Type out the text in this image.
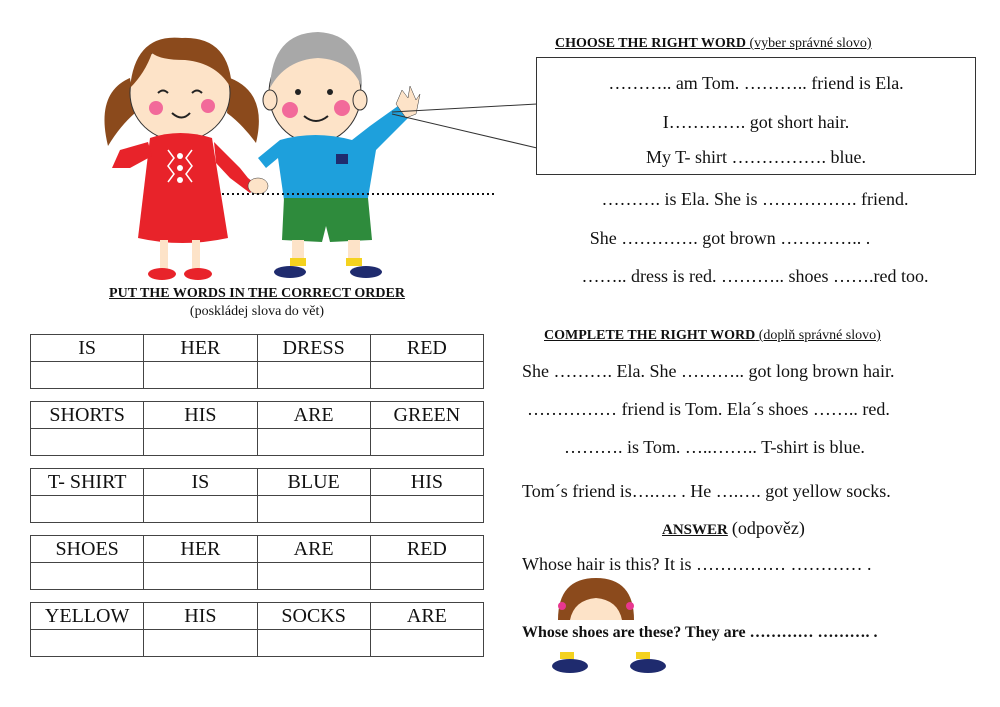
CHOOSE THE RIGHT WORD (vyber správné slovo)
……….. am Tom. ……….. friend is Ela.
I…………. got short hair.
My T- shirt ……………. blue.
………. is Ela. She is ……………. friend.
She …………. got brown ………….. .
…….. dress is red. ……….. shoes …….red too.
PUT THE WORDS IN THE CORRECT ORDER
(poskládej slova do vět)
IS	HER	DRESS	RED

SHORTS	HIS	ARE	GREEN

T- SHIRT	IS	BLUE	HIS

SHOES	HER	ARE	RED

YELLOW	HIS	SOCKS	ARE

COMPLETE THE RIGHT WORD (doplň správné slovo)
She ………. Ela. She ……….. got long brown hair.
…………… friend is Tom. Ela´s shoes …….. red.
………. is Tom. …..…….. T-shirt is blue.
Tom´s friend is….…. . He ….…. got yellow socks.
ANSWER (odpověz)
Whose hair is this? It is …………… ………… .
Whose shoes are these? They are ………… ………. .
